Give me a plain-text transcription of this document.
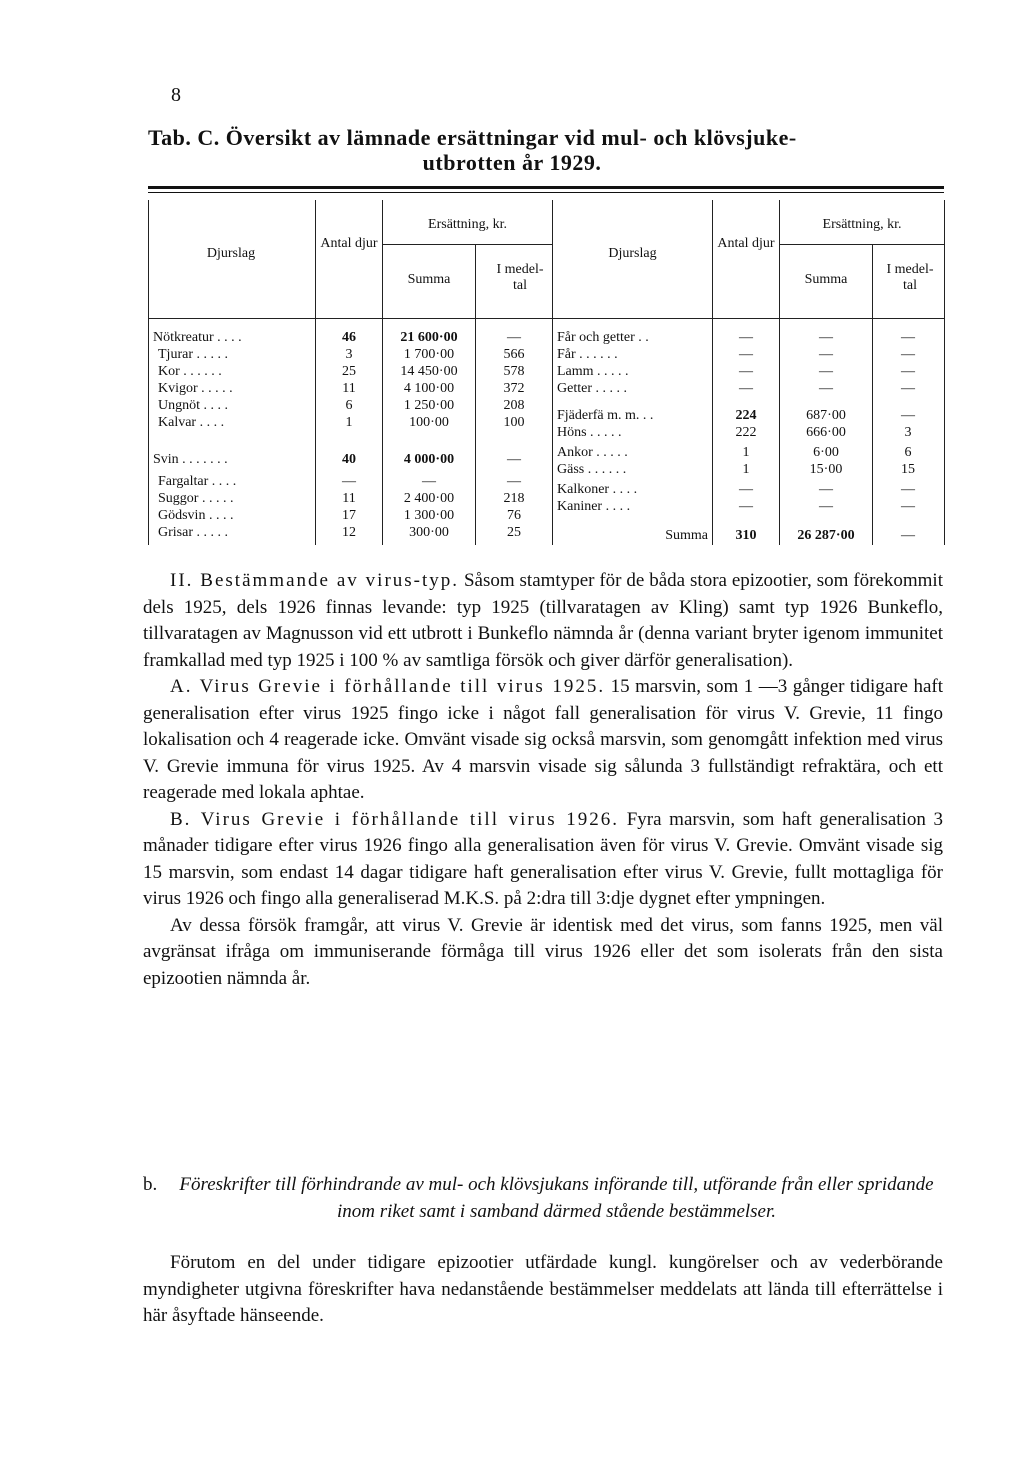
8
Tab. C. Översikt av lämnade ersättningar vid mul- och klövsjuke-
utbrotten år 1929.
Djurslag
Antal djur
Ersättning, kr.
Summa
I medel- tal
Djurslag
Antal djur
Ersättning, kr.
Summa
I medel- tal
Nötkreatur . . . .	46	21 600·00	—
Tjurar . . . . .	3	1 700·00	566
Kor . . . . . .	25	14 450·00	578
Kvigor . . . . .	11	4 100·00	372
Ungnöt . . . .	6	1 250·00	208
Kalvar . . . .	1	100·00	100
Svin . . . . . . .	40	4 000·00	—
Fargaltar . . . .	—	—	—
Suggor . . . . .	11	2 400·00	218
Gödsvin . . . .	17	1 300·00	76
Grisar . . . . .	12	300·00	25
Får och getter . .	—	—	—
Får . . . . . .	—	—	—
Lamm . . . . .	—	—	—
Getter . . . . .	—	—	—
Fjäderfä m. m. . .	224	687·00	—
Höns . . . . .	222	666·00	3
Ankor . . . . .	1	6·00	6
Gäss . . . . . .	1	15·00	15
Kalkoner . . . .	—	—	—
Kaniner . . . .	—	—	—
Summa	310	26 287·00	—

II. Bestämmande av virus-typ. Såsom stamtyper för de båda stora epizootier, som förekommit dels 1925, dels 1926 finnas levande: typ 1925 (tillvaratagen av Kling) samt typ 1926 Bunkeflo, tillvaratagen av Magnusson vid ett utbrott i Bunkeflo nämnda år (denna variant bryter igenom immunitet framkallad med typ 1925 i 100 % av samtliga försök och giver därför generalisation).

A. Virus Grevie i förhållande till virus 1925. 15 marsvin, som 1 —3 gånger tidigare haft generalisation efter virus 1925 fingo icke i något fall generalisation för virus V. Grevie, 11 fingo lokalisation och 4 reagerade icke. Omvänt visade sig också marsvin, som genomgått infektion med virus V. Grevie immuna för virus 1925. Av 4 marsvin visade sig sålunda 3 fullständigt refraktära, och ett reagerade med lokala aphtae.

B. Virus Grevie i förhållande till virus 1926. Fyra marsvin, som haft generalisation 3 månader tidigare efter virus 1926 fingo alla generalisation även för virus V. Grevie. Omvänt visade sig 15 marsvin, som endast 14 dagar tidigare haft generalisation efter virus V. Grevie, fullt mottagliga för virus 1926 och fingo alla generaliserad M.K.S. på 2:dra till 3:dje dygnet efter ympningen.

Av dessa försök framgår, att virus V. Grevie är identisk med det virus, som fanns 1925, men väl avgränsat ifråga om immuniserande förmåga till virus 1926 eller det som isolerats från den sista epizootien nämnda år.

b.	Föreskrifter till förhindrande av mul- och klövsjukans införande till, utförande från eller spridande inom riket samt i samband därmed stående bestämmelser.

Förutom en del under tidigare epizootier utfärdade kungl. kungörelser och av vederbörande myndigheter utgivna föreskrifter hava nedanstående bestämmelser meddelats att lända till efterrättelse i här åsyftade hänseende.
